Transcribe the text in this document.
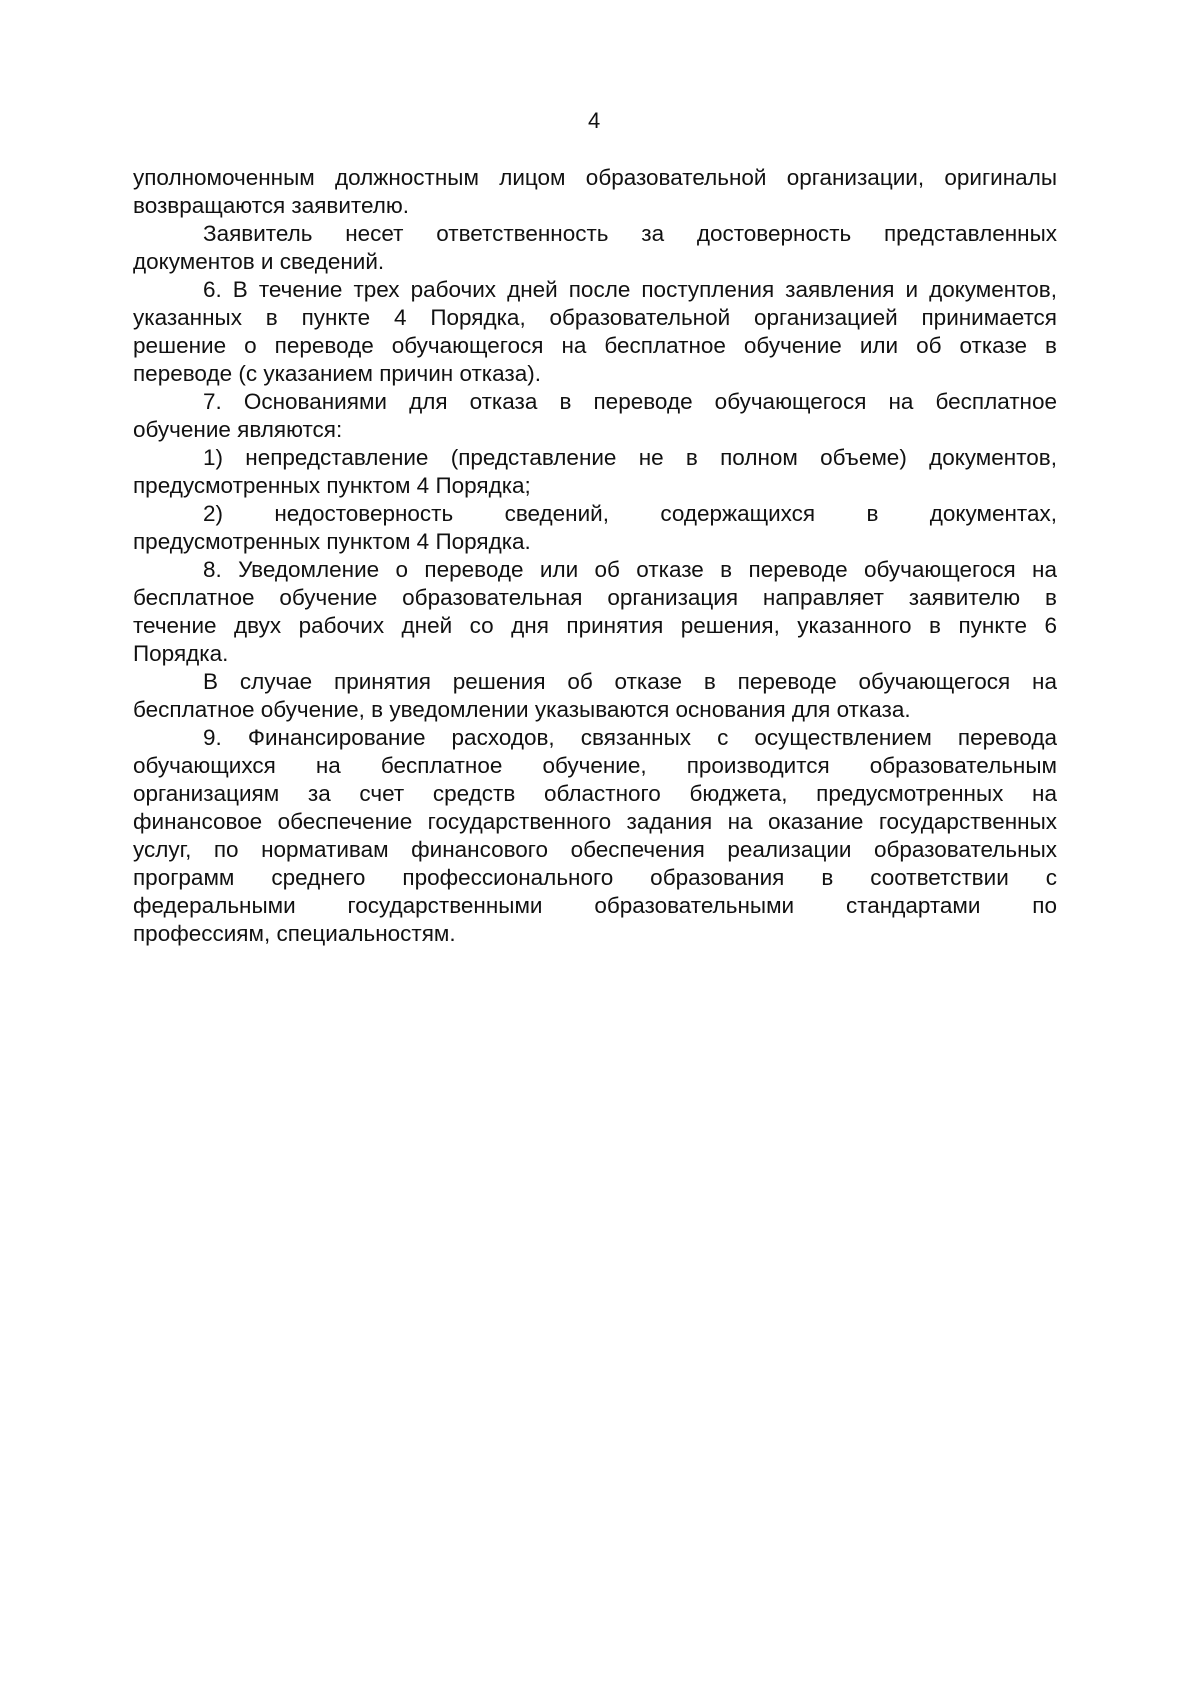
4
уполномоченным должностным лицом образовательной организации, оригиналы
возвращаются заявителю.
Заявитель несет ответственность за достоверность представленных
документов и сведений.
6. В течение трех рабочих дней после поступления заявления и документов,
указанных в пункте 4 Порядка, образовательной организацией принимается
решение о переводе обучающегося на бесплатное обучение или об отказе в
переводе (с указанием причин отказа).
7. Основаниями для отказа в переводе обучающегося на бесплатное
обучение являются:
1) непредставление (представление не в полном объеме) документов,
предусмотренных пунктом 4 Порядка;
2) недостоверность сведений, содержащихся в документах,
предусмотренных пунктом 4 Порядка.
8. Уведомление о переводе или об отказе в переводе обучающегося на
бесплатное обучение образовательная организация направляет заявителю в
течение двух рабочих дней со дня принятия решения, указанного в пункте 6
Порядка.
В случае принятия решения об отказе в переводе обучающегося на
бесплатное обучение, в уведомлении указываются основания для отказа.
9. Финансирование расходов, связанных с осуществлением перевода
обучающихся на бесплатное обучение, производится образовательным
организациям за счет средств областного бюджета, предусмотренных на
финансовое обеспечение государственного задания на оказание государственных
услуг, по нормативам финансового обеспечения реализации образовательных
программ среднего профессионального образования в соответствии с
федеральными государственными образовательными стандартами по
профессиям, специальностям.
